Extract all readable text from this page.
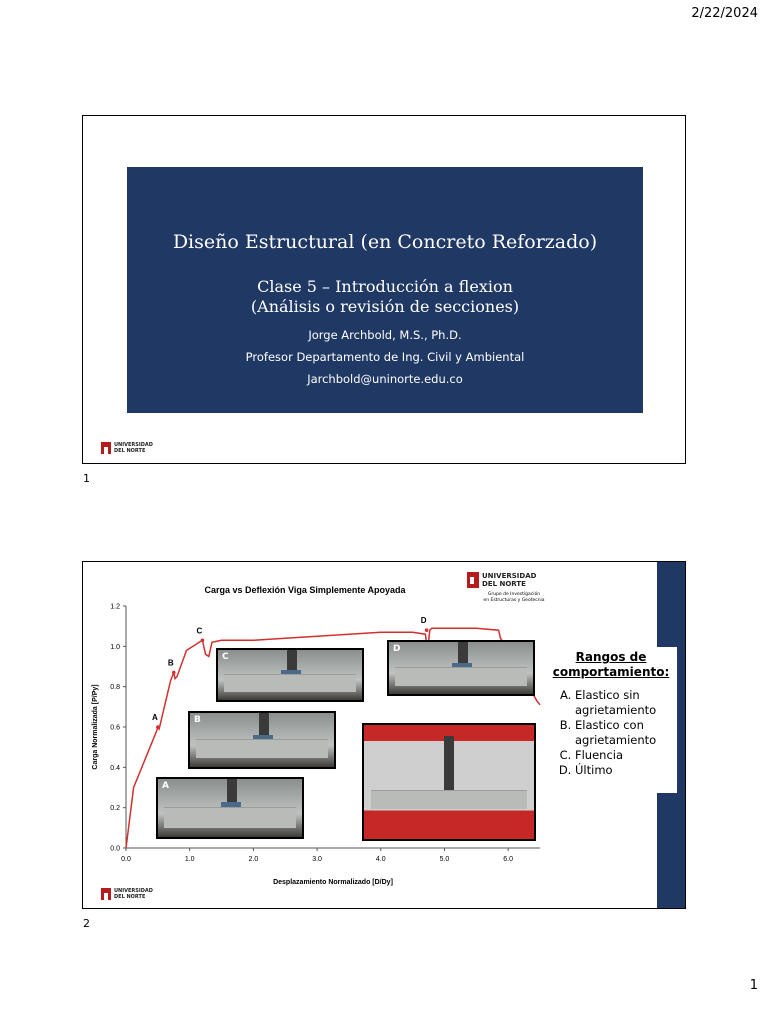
2/22/2024
Diseño Estructural (en Concreto Reforzado)
Clase 5 – Introducción a flexion
(Análisis o revisión de secciones)
Jorge Archbold, M.S., Ph.D.
Profesor Departamento de Ing. Civil y Ambiental
Jarchbold@uninorte.edu.co
UNIVERSIDAD
DEL NORTE
1
Carga vs Deflexión Viga Simplemente Apoyada
Desplazamiento Normalizado [D/Dy]
Carga Normalizada [P/Py]
0.0	1.0	2.0	3.0	4.0	5.0	6.0
0.0
0.2
0.4
0.6
0.8
1.0
1.2
A
B
C
D
C
D
B
A
UNIVERSIDAD
DEL NORTE
Grupo de Investigación
en Estructuras y Geotecnia
Rangos de
comportamiento:
A. Elastico sin agrietamiento
B. Elastico con agrietamiento
C. Fluencia
D. Último
UNIVERSIDAD
DEL NORTE
2
1
